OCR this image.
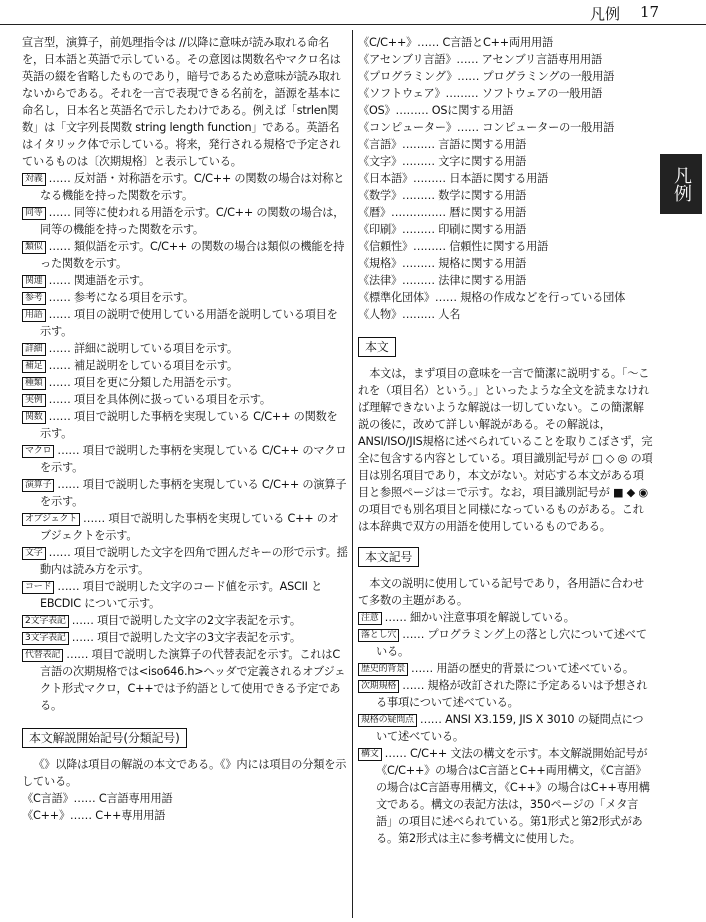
凡例 17
凡例

宣言型，演算子，前処理指令は //以降に意味が読み取れる命名を，日本語と英語で示している。その意図は関数名やマクロ名は英語の綴を省略したものであり，暗号であるため意味が読み取れないからである。それを一言で表現できる名前を，語源を基本に命名し，日本名と英語名で示したわけである。例えば「strlen関数」は「文字列長関数 string length function」である。英語名はイタリック体で示している。将来，発行される規格で予定されているものは〔次期規格〕と表示している。

対義 …… 反対語・対称語を示す。C/C++ の関数の場合は対称となる機能を持った関数を示す。

同等 …… 同等に使われる用語を示す。C/C++ の関数の場合は，同等の機能を持った関数を示す。

類似 …… 類似語を示す。C/C++ の関数の場合は類似の機能を持った関数を示す。

関連 …… 関連語を示す。

参考 …… 参考になる項目を示す。

用語 …… 項目の説明で使用している用語を説明している項目を示す。

詳細 …… 詳細に説明している項目を示す。

補足 …… 補足説明をしている項目を示す。

種類 …… 項目を更に分類した用語を示す。

実例 …… 項目を具体例に扱っている項目を示す。

関数 …… 項目で説明した事柄を実現している C/C++ の関数を示す。

マクロ …… 項目で説明した事柄を実現している C/C++ のマクロを示す。

演算子 …… 項目で説明した事柄を実現している C/C++ の演算子を示す。

オブジェクト …… 項目で説明した事柄を実現している C++ のオブジェクトを示す。

文字 …… 項目で説明した文字を四角で囲んだキーの形で示す。揺動内は読み方を示す。

コード …… 項目で説明した文字のコード値を示す。ASCII と EBCDIC について示す。

2文字表記 …… 項目で説明した文字の2文字表記を示す。

3文字表記 …… 項目で説明した文字の3文字表記を示す。

代替表記 …… 項目で説明した演算子の代替表記を示す。これはC言語の次期規格では<iso646.h>ヘッダで定義されるオブジェクト形式マクロ，C++では予約語として使用できる予定である。

本文解説開始記号(分類記号)

《》以降は項目の解説の本文である。《》内には項目の分類を示している。

《C言語》…… C言語専用用語

《C++》…… C++専用用語

《C/C++》…… C言語とC++両用用語

《アセンブリ言語》…… アセンブリ言語専用用語

《プログラミング》…… プログラミングの一般用語

《ソフトウェア》……… ソフトウェアの一般用語

《OS》……… OSに関する用語

《コンピューター》…… コンピューターの一般用語

《言語》……… 言語に関する用語

《文字》……… 文字に関する用語

《日本語》……… 日本語に関する用語

《数学》……… 数学に関する用語

《暦》…………… 暦に関する用語

《印刷》……… 印刷に関する用語

《信頼性》……… 信頼性に関する用語

《規格》……… 規格に関する用語

《法律》……… 法律に関する用語

《標準化団体》…… 規格の作成などを行っている団体

《人物》……… 人名

本文

本文は，まず項目の意味を一言で簡潔に説明する。「～これを（項目名）という。」といったような全文を読まなければ理解できないような解説は一切していない。この簡潔解説の後に，改めて詳しい解説がある。その解説は，ANSI/ISO/JIS規格に述べられていることを取りこぼさず，完全に包含する内容としている。項目識別記号が □ ◇ ◎ の項目は別名項目であり，本文がない。対応する本文がある項目と参照ページは＝で示す。なお，項目識別記号が ■ ◆ ◉ の項目でも別名項目と同様になっているものがある。これは本辞典で双方の用語を使用しているものである。

本文記号

本文の説明に使用している記号であり，各用語に合わせて多数の主題がある。

注意 …… 細かい注意事項を解説している。

落とし穴 …… プログラミング上の落とし穴について述べている。

歴史的背景 …… 用語の歴史的背景について述べている。

次期規格 …… 規格が改訂された際に予定あるいは予想される事項について述べている。

規格の疑問点 …… ANSI X3.159, JIS X 3010 の疑問点について述べている。

構文 …… C/C++ 文法の構文を示す。本文解説開始記号が《C/C++》の場合はC言語とC++両用構文，《C言語》の場合はC言語専用構文，《C++》の場合はC++専用構文である。構文の表記方法は，350ページの「メタ言語」の項目に述べられている。第1形式と第2形式がある。第2形式は主に参考構文に使用した。
